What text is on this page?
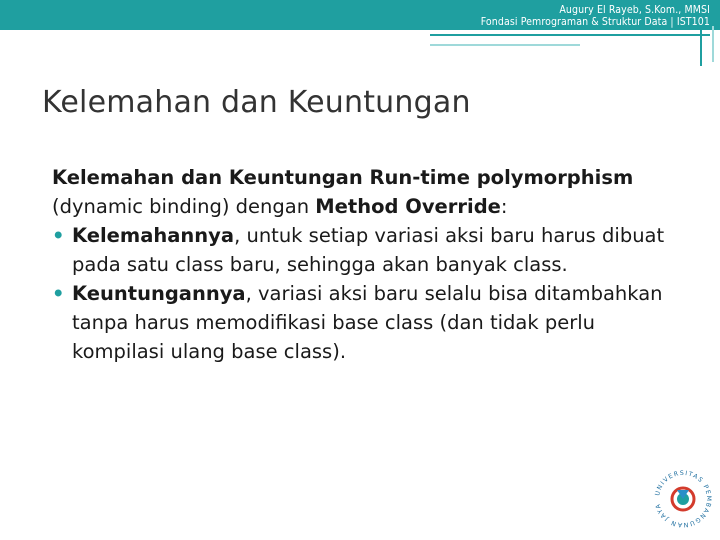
Augury El Rayeb, S.Kom., MMSI
Fondasi Pemrograman & Struktur Data | IST101
Kelemahan dan Keuntungan

Kelemahan dan Keuntungan Run-time polymorphism
(dynamic binding) dengan Method Override:

• Kelemahannya, untuk setiap variasi aksi baru harus dibuat pada satu class baru, sehingga akan banyak class.

• Keuntungannya, variasi aksi baru selalu bisa ditambahkan tanpa harus memodifikasi base class (dan tidak perlu kompilasi ulang base class).

UNIVERSITAS PEMBANGUNAN JAYA
